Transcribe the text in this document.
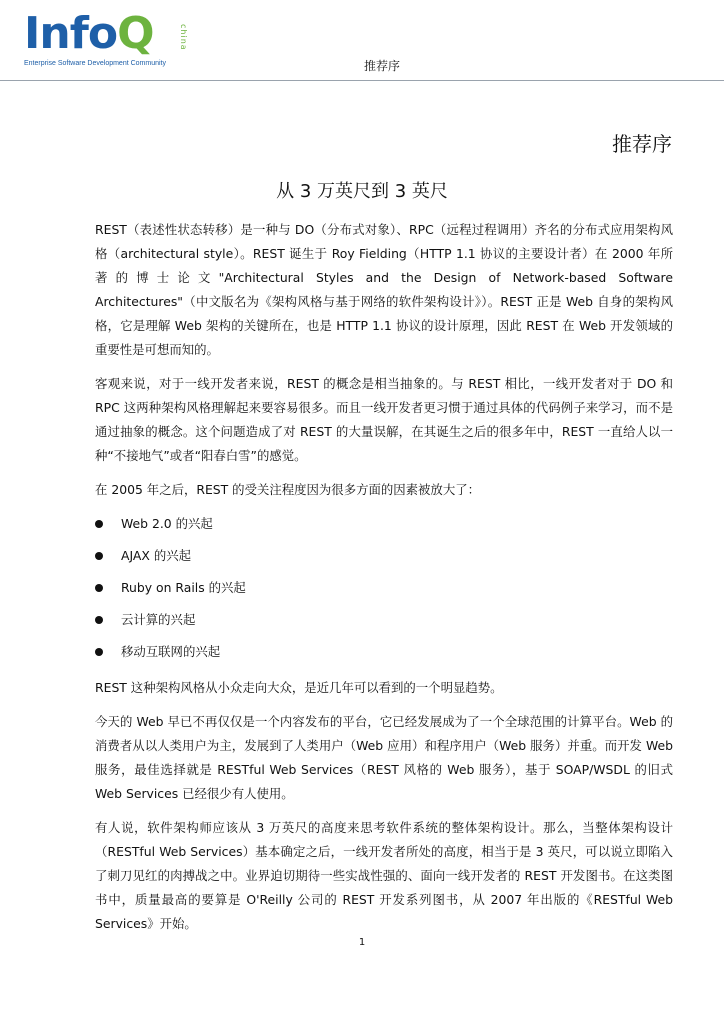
InfoQ	china
Enterprise Software Development Community	推荐序
推荐序
从 3 万英尺到 3 英尺

REST（表述性状态转移）是一种与 DO（分布式对象）、RPC（远程过程调用）齐名的分布式应用架构风格（architectural style）。REST 诞生于 Roy Fielding（HTTP 1.1 协议的主要设计者）在 2000 年所著的博士论文"Architectural Styles and the Design of Network-based Software Architectures"（中文版名为《架构风格与基于网络的软件架构设计》）。REST 正是 Web 自身的架构风格，它是理解 Web 架构的关键所在，也是 HTTP 1.1 协议的设计原理，因此 REST 在 Web 开发领域的重要性是可想而知的。

客观来说，对于一线开发者来说，REST 的概念是相当抽象的。与 REST 相比，一线开发者对于 DO 和 RPC 这两种架构风格理解起来要容易很多。而且一线开发者更习惯于通过具体的代码例子来学习，而不是通过抽象的概念。这个问题造成了对 REST 的大量误解，在其诞生之后的很多年中，REST 一直给人以一种“不接地气”或者“阳春白雪”的感觉。

在 2005 年之后，REST 的受关注程度因为很多方面的因素被放大了：

Web 2.0 的兴起
AJAX 的兴起
Ruby on Rails 的兴起
云计算的兴起
移动互联网的兴起

REST 这种架构风格从小众走向大众，是近几年可以看到的一个明显趋势。

今天的 Web 早已不再仅仅是一个内容发布的平台，它已经发展成为了一个全球范围的计算平台。Web 的消费者从以人类用户为主，发展到了人类用户（Web 应用）和程序用户（Web 服务）并重。而开发 Web 服务，最佳选择就是 RESTful Web Services（REST 风格的 Web 服务），基于 SOAP/WSDL 的旧式 Web Services 已经很少有人使用。

有人说，软件架构师应该从 3 万英尺的高度来思考软件系统的整体架构设计。那么，当整体架构设计（RESTful Web Services）基本确定之后，一线开发者所处的高度，相当于是 3 英尺，可以说立即陷入了刺刀见红的肉搏战之中。业界迫切期待一些实战性强的、面向一线开发者的 REST 开发图书。在这类图书中，质量最高的要算是 O'Reilly 公司的 REST 开发系列图书，从 2007 年出版的《RESTful Web Services》开始。

1
